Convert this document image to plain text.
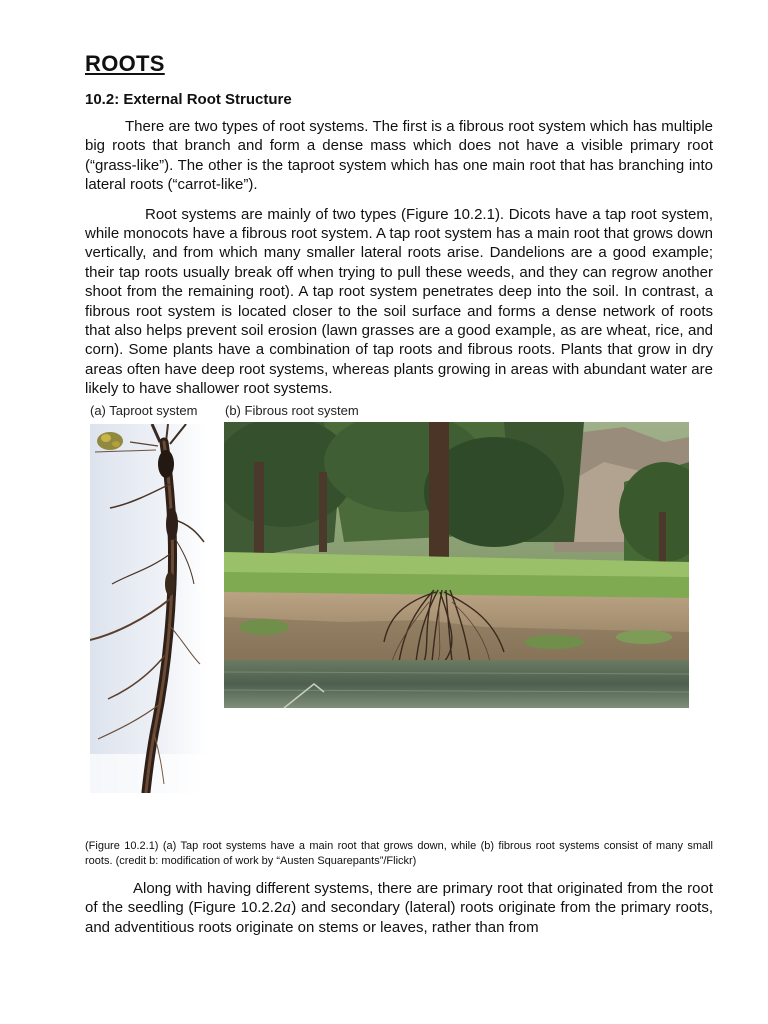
ROOTS
10.2: External Root Structure

There are two types of root systems. The first is a fibrous root system which has multiple big roots that branch and form a dense mass which does not have a visible primary root (“grass-like”). The other is the taproot system which has one main root that has branching into lateral roots (“carrot-like”).

Root systems are mainly of two types (Figure 10.2.1). Dicots have a tap root system, while monocots have a fibrous root system. A tap root system has a main root that grows down vertically, and from which many smaller lateral roots arise. Dandelions are a good example; their tap roots usually break off when trying to pull these weeds, and they can regrow another shoot from the remaining root). A tap root system penetrates deep into the soil. In contrast, a fibrous root system is located closer to the soil surface and forms a dense network of roots that also helps prevent soil erosion (lawn grasses are a good example, as are wheat, rice, and corn). Some plants have a combination of tap roots and fibrous roots. Plants that grow in dry areas often have deep root systems, whereas plants growing in areas with abundant water are likely to have shallower root systems.

(a) Taproot system (b) Fibrous root system
(Figure 10.2.1) (a) Tap root systems have a main root that grows down, while (b) fibrous root systems consist of many small roots. (credit b: modification of work by “Austen Squarepants”/Flickr)

Along with having different systems, there are primary root that originated from the root of the seedling (Figure 10.2.2a) and secondary (lateral) roots originate from the primary roots, and adventitious roots originate on stems or leaves, rather than from
